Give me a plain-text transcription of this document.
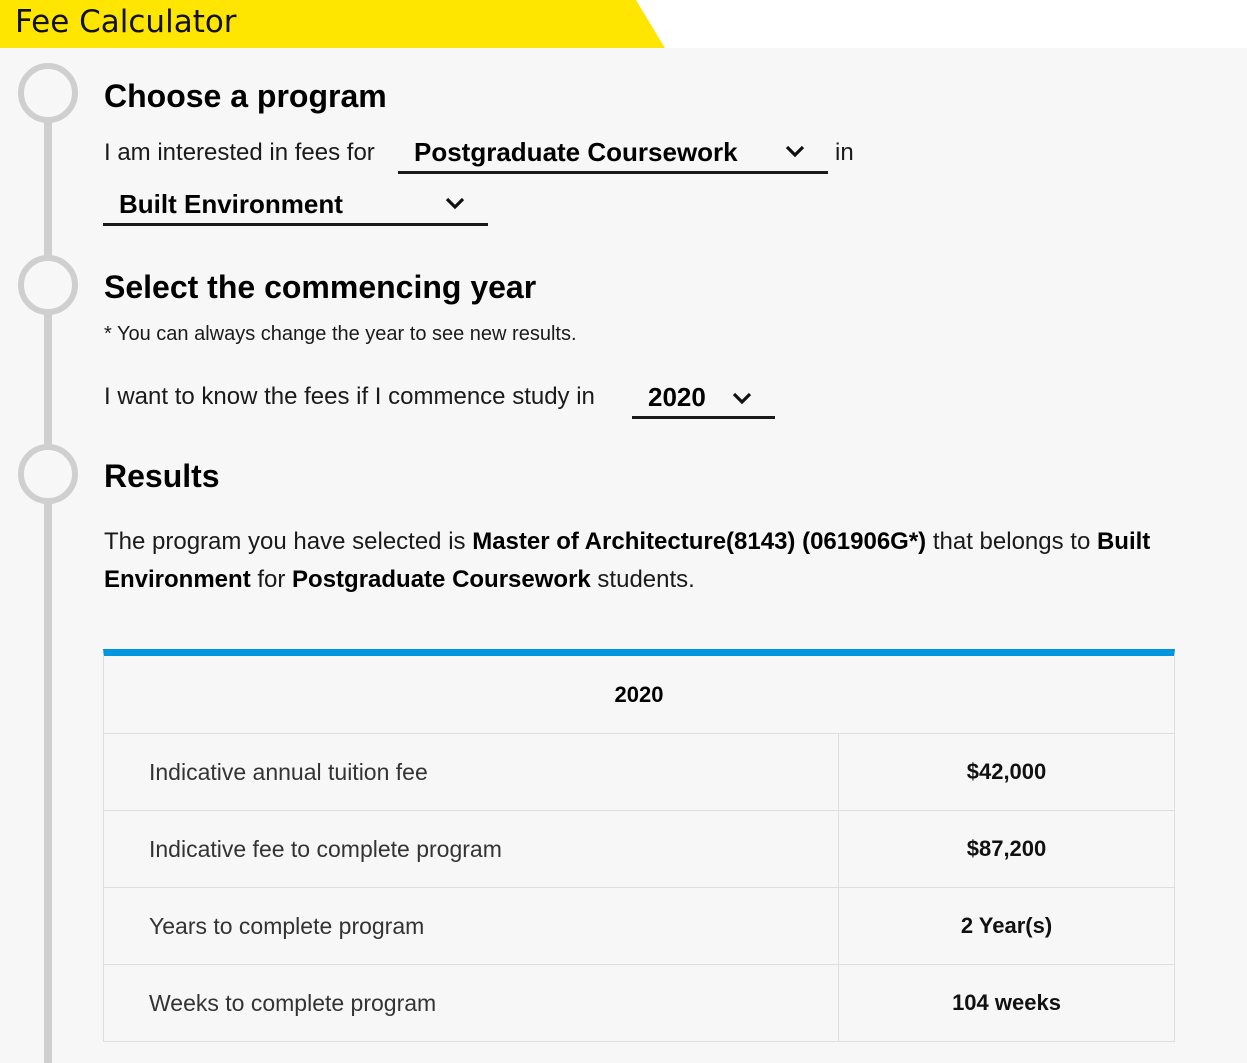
Fee Calculator
Choose a program
I am interested in fees for Postgraduate Coursework	in
Built Environment
Select the commencing year
* You can always change the year to see new results.
I want to know the fees if I commence study in 2020
Results
The program you have selected is Master of Architecture(8143) (061906G*) that belongs to Built Environment for Postgraduate Coursework students.
2020
Indicative annual tuition fee	$42,000
Indicative fee to complete program	$87,200
Years to complete program	2 Year(s)
Weeks to complete program	104 weeks
